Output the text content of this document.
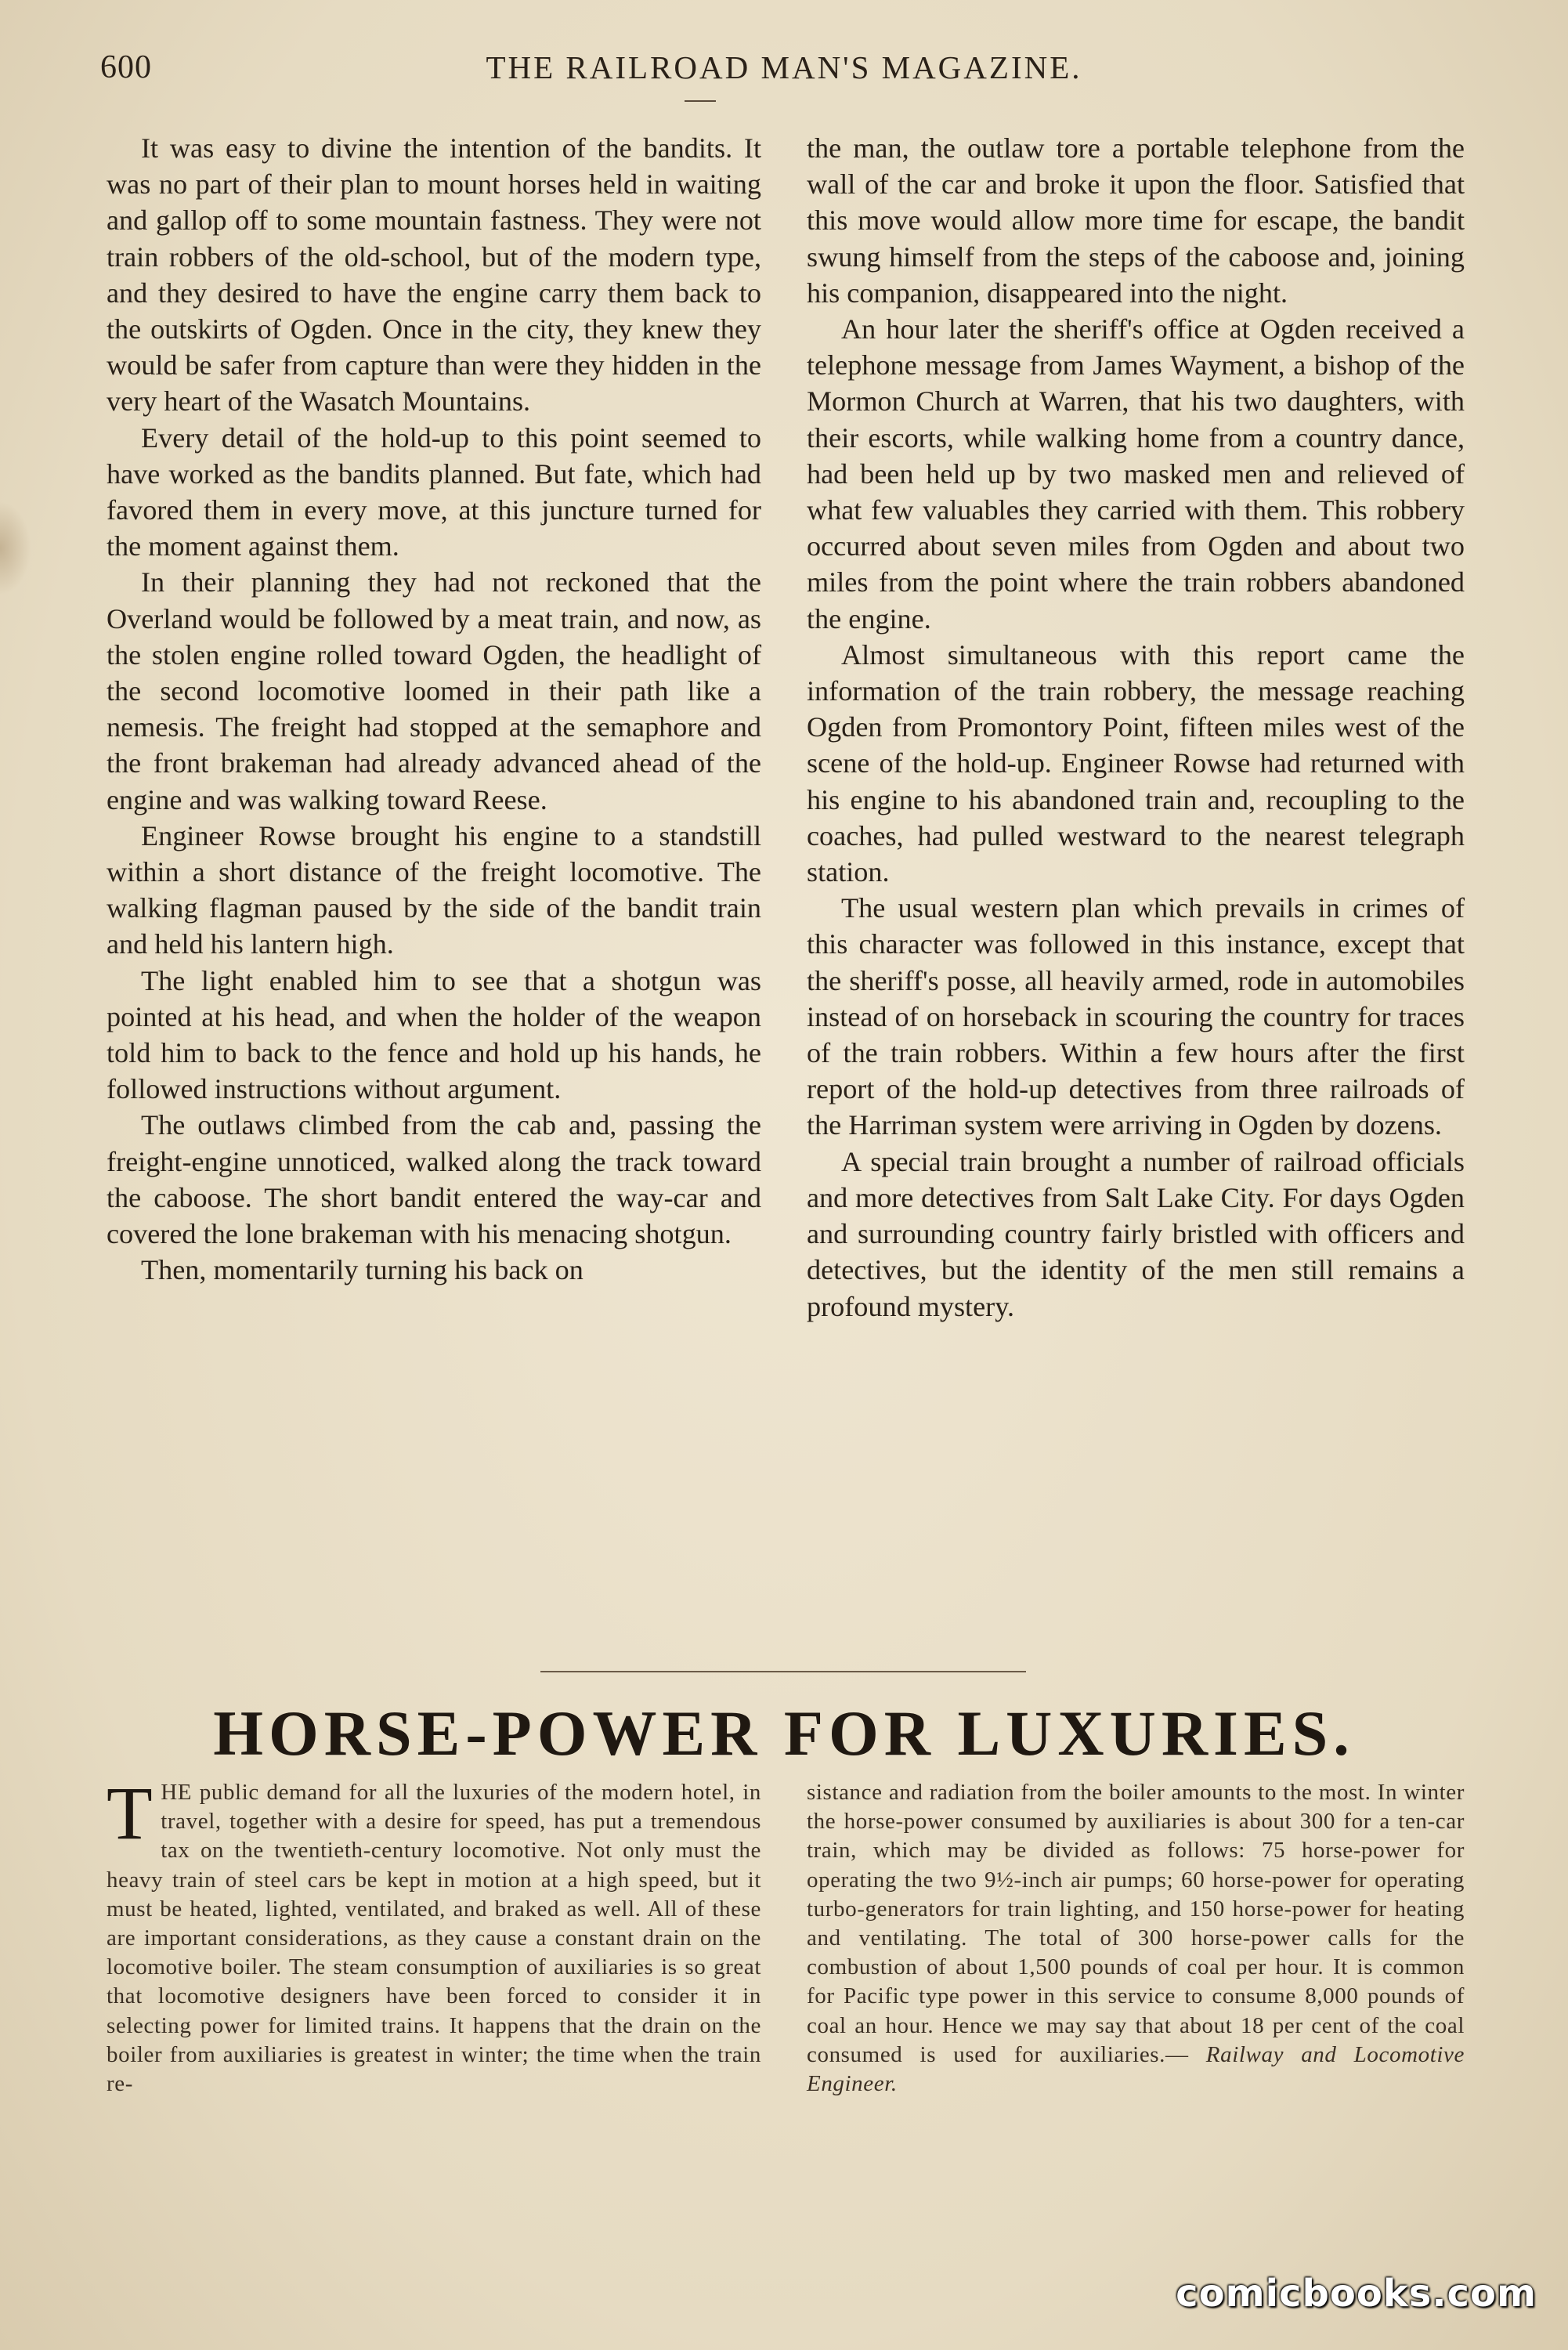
600	THE RAILROAD MAN'S MAGAZINE.

It was easy to divine the intention of the bandits. It was no part of their plan to mount horses held in waiting and gallop off to some mountain fastness. They were not train robbers of the old-school, but of the modern type, and they desired to have the engine carry them back to the outskirts of Ogden. Once in the city, they knew they would be safer from capture than were they hidden in the very heart of the Wasatch Mountains.

Every detail of the hold-up to this point seemed to have worked as the bandits planned. But fate, which had favored them in every move, at this juncture turned for the moment against them.

In their planning they had not reckoned that the Overland would be followed by a meat train, and now, as the stolen engine rolled toward Ogden, the headlight of the second locomotive loomed in their path like a nemesis. The freight had stopped at the semaphore and the front brakeman had already advanced ahead of the engine and was walking toward Reese.

Engineer Rowse brought his engine to a standstill within a short distance of the freight locomotive. The walking flagman paused by the side of the bandit train and held his lantern high.

The light enabled him to see that a shotgun was pointed at his head, and when the holder of the weapon told him to back to the fence and hold up his hands, he followed instructions without argument.

The outlaws climbed from the cab and, passing the freight-engine unnoticed, walked along the track toward the caboose. The short bandit entered the way-car and covered the lone brakeman with his menacing shotgun.

Then, momentarily turning his back on

the man, the outlaw tore a portable telephone from the wall of the car and broke it upon the floor. Satisfied that this move would allow more time for escape, the bandit swung himself from the steps of the caboose and, joining his companion, disappeared into the night.

An hour later the sheriff's office at Ogden received a telephone message from James Wayment, a bishop of the Mormon Church at Warren, that his two daughters, with their escorts, while walking home from a country dance, had been held up by two masked men and relieved of what few valuables they carried with them. This robbery occurred about seven miles from Ogden and about two miles from the point where the train robbers abandoned the engine.

Almost simultaneous with this report came the information of the train robbery, the message reaching Ogden from Promontory Point, fifteen miles west of the scene of the hold-up. Engineer Rowse had returned with his engine to his abandoned train and, recoupling to the coaches, had pulled westward to the nearest telegraph station.

The usual western plan which prevails in crimes of this character was followed in this instance, except that the sheriff's posse, all heavily armed, rode in automobiles instead of on horseback in scouring the country for traces of the train robbers. Within a few hours after the first report of the hold-up detectives from three railroads of the Harriman system were arriving in Ogden by dozens.

A special train brought a number of railroad officials and more detectives from Salt Lake City. For days Ogden and surrounding country fairly bristled with officers and detectives, but the identity of the men still remains a profound mystery.

HORSE-POWER FOR LUXURIES.

T HE public demand for all the luxuries of the modern hotel, in travel, together with a desire for speed, has put a tremendous tax on the twentieth-century locomotive. Not only must the heavy train of steel cars be kept in motion at a high speed, but it must be heated, lighted, ventilated, and braked as well. All of these are important considerations, as they cause a constant drain on the locomotive boiler. The steam consumption of auxiliaries is so great that locomotive designers have been forced to consider it in selecting power for limited trains. It happens that the drain on the boiler from auxiliaries is greatest in winter; the time when the train re-

sistance and radiation from the boiler amounts to the most. In winter the horse-power consumed by auxiliaries is about 300 for a ten-car train, which may be divided as follows: 75 horse-power for operating the two 9½-inch air pumps; 60 horse-power for operating turbo-generators for train lighting, and 150 horse-power for heating and ventilating. The total of 300 horse-power calls for the combustion of about 1,500 pounds of coal per hour. It is common for Pacific type power in this service to consume 8,000 pounds of coal an hour. Hence we may say that about 18 per cent of the coal consumed is used for auxiliaries.— Railway and Locomotive Engineer.

comicbooks.com
